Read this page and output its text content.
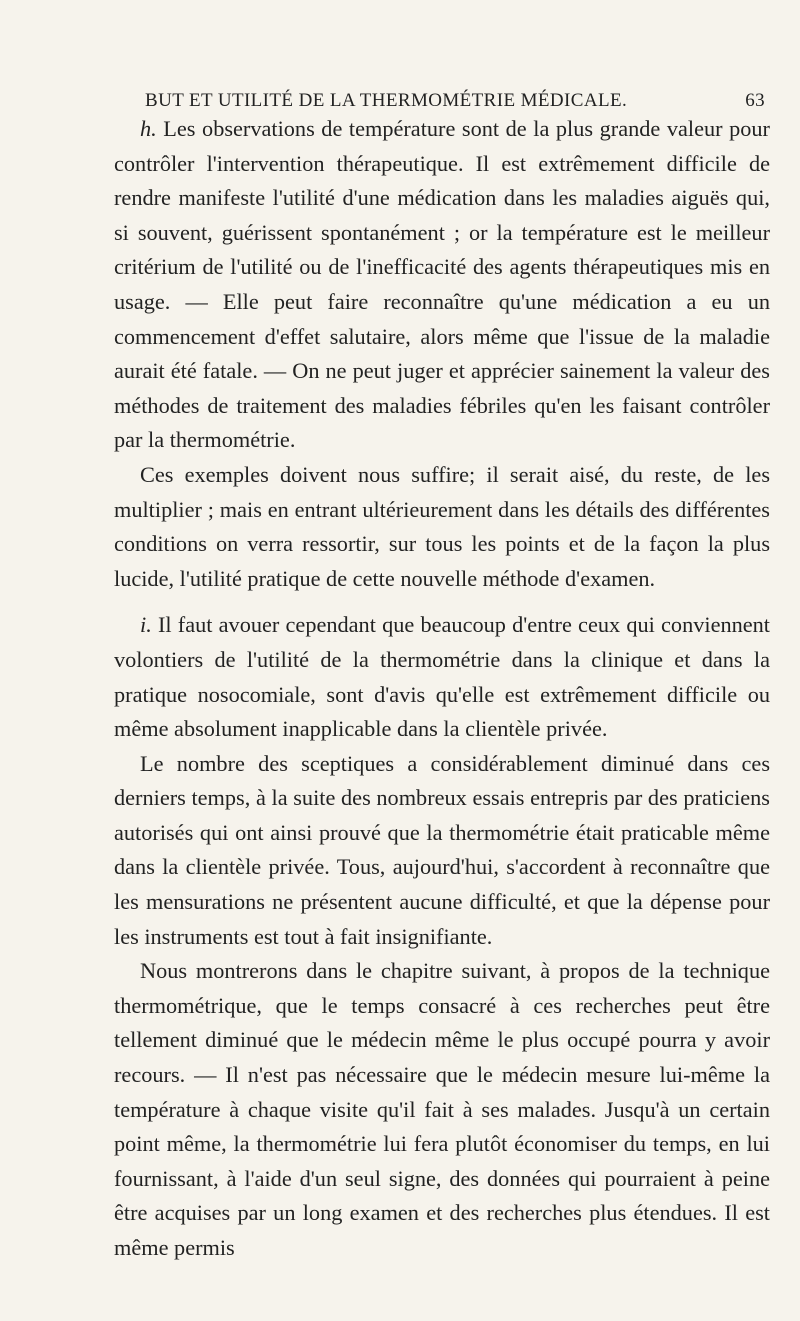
BUT ET UTILITÉ DE LA THERMOMÉTRIE MÉDICALE.	63

h. Les observations de température sont de la plus grande valeur pour contrôler l'intervention thérapeutique. Il est extrêmement difficile de rendre manifeste l'utilité d'une médication dans les maladies aiguës qui, si souvent, guérissent spontanément ; or la température est le meilleur critérium de l'utilité ou de l'inefficacité des agents thérapeutiques mis en usage. — Elle peut faire reconnaître qu'une médication a eu un commencement d'effet salutaire, alors même que l'issue de la maladie aurait été fatale. — On ne peut juger et apprécier sainement la valeur des méthodes de traitement des maladies fébriles qu'en les faisant contrôler par la thermométrie.

Ces exemples doivent nous suffire; il serait aisé, du reste, de les multiplier ; mais en entrant ultérieurement dans les détails des différentes conditions on verra ressortir, sur tous les points et de la façon la plus lucide, l'utilité pratique de cette nouvelle méthode d'examen.

i. Il faut avouer cependant que beaucoup d'entre ceux qui conviennent volontiers de l'utilité de la thermométrie dans la clinique et dans la pratique nosocomiale, sont d'avis qu'elle est extrêmement difficile ou même absolument inapplicable dans la clientèle privée.

Le nombre des sceptiques a considérablement diminué dans ces derniers temps, à la suite des nombreux essais entrepris par des praticiens autorisés qui ont ainsi prouvé que la thermométrie était praticable même dans la clientèle privée. Tous, aujourd'hui, s'accordent à reconnaître que les mensurations ne présentent aucune difficulté, et que la dépense pour les instruments est tout à fait insignifiante.

Nous montrerons dans le chapitre suivant, à propos de la technique thermométrique, que le temps consacré à ces recherches peut être tellement diminué que le médecin même le plus occupé pourra y avoir recours. — Il n'est pas nécessaire que le médecin mesure lui-même la température à chaque visite qu'il fait à ses malades. Jusqu'à un certain point même, la thermométrie lui fera plutôt économiser du temps, en lui fournissant, à l'aide d'un seul signe, des données qui pourraient à peine être acquises par un long examen et des recherches plus étendues. Il est même permis
